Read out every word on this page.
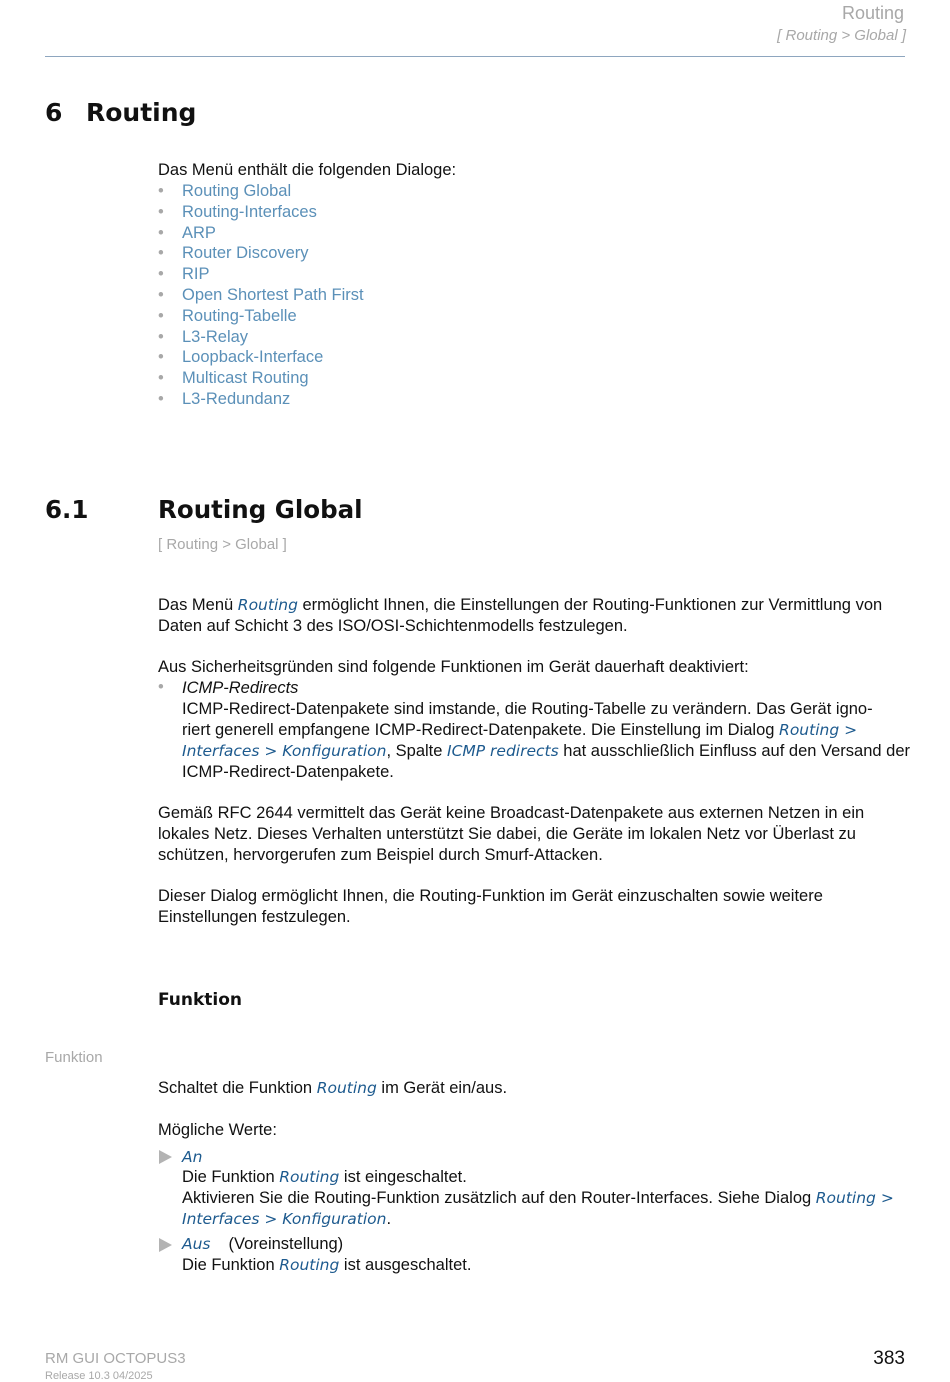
Routing
[ Routing > Global ]
6 Routing
Das Menü enthält die folgenden Dialoge:
• Routing Global
• Routing-Interfaces
• ARP
• Router Discovery
• RIP
• Open Shortest Path First
• Routing-Tabelle
• L3-Relay
• Loopback-Interface
• Multicast Routing
• L3-Redundanz
6.1	Routing Global
[ Routing > Global ]
Das Menü Routing ermöglicht Ihnen, die Einstellungen der Routing-Funktionen zur Vermittlung von
Daten auf Schicht 3 des ISO/OSI-Schichtenmodells festzulegen.
Aus Sicherheitsgründen sind folgende Funktionen im Gerät dauerhaft deaktiviert:
• ICMP-Redirects
ICMP-Redirect-Datenpakete sind imstande, die Routing-Tabelle zu verändern. Das Gerät igno-
riert generell empfangene ICMP-Redirect-Datenpakete. Die Einstellung im Dialog Routing >
Interfaces > Konfiguration, Spalte ICMP redirects hat ausschließlich Einfluss auf den Versand der
ICMP-Redirect-Datenpakete.
Gemäß RFC 2644 vermittelt das Gerät keine Broadcast-Datenpakete aus externen Netzen in ein
lokales Netz. Dieses Verhalten unterstützt Sie dabei, die Geräte im lokalen Netz vor Überlast zu
schützen, hervorgerufen zum Beispiel durch Smurf-Attacken.
Dieser Dialog ermöglicht Ihnen, die Routing-Funktion im Gerät einzuschalten sowie weitere
Einstellungen festzulegen.
Funktion
Funktion
Schaltet die Funktion Routing im Gerät ein/aus.
Mögliche Werte:
An
Die Funktion Routing ist eingeschaltet.
Aktivieren Sie die Routing-Funktion zusätzlich auf den Router-Interfaces. Siehe Dialog Routing >
Interfaces > Konfiguration.
Aus (Voreinstellung)
Die Funktion Routing ist ausgeschaltet.
RM GUI OCTOPUS3
Release 10.3 04/2025
383
